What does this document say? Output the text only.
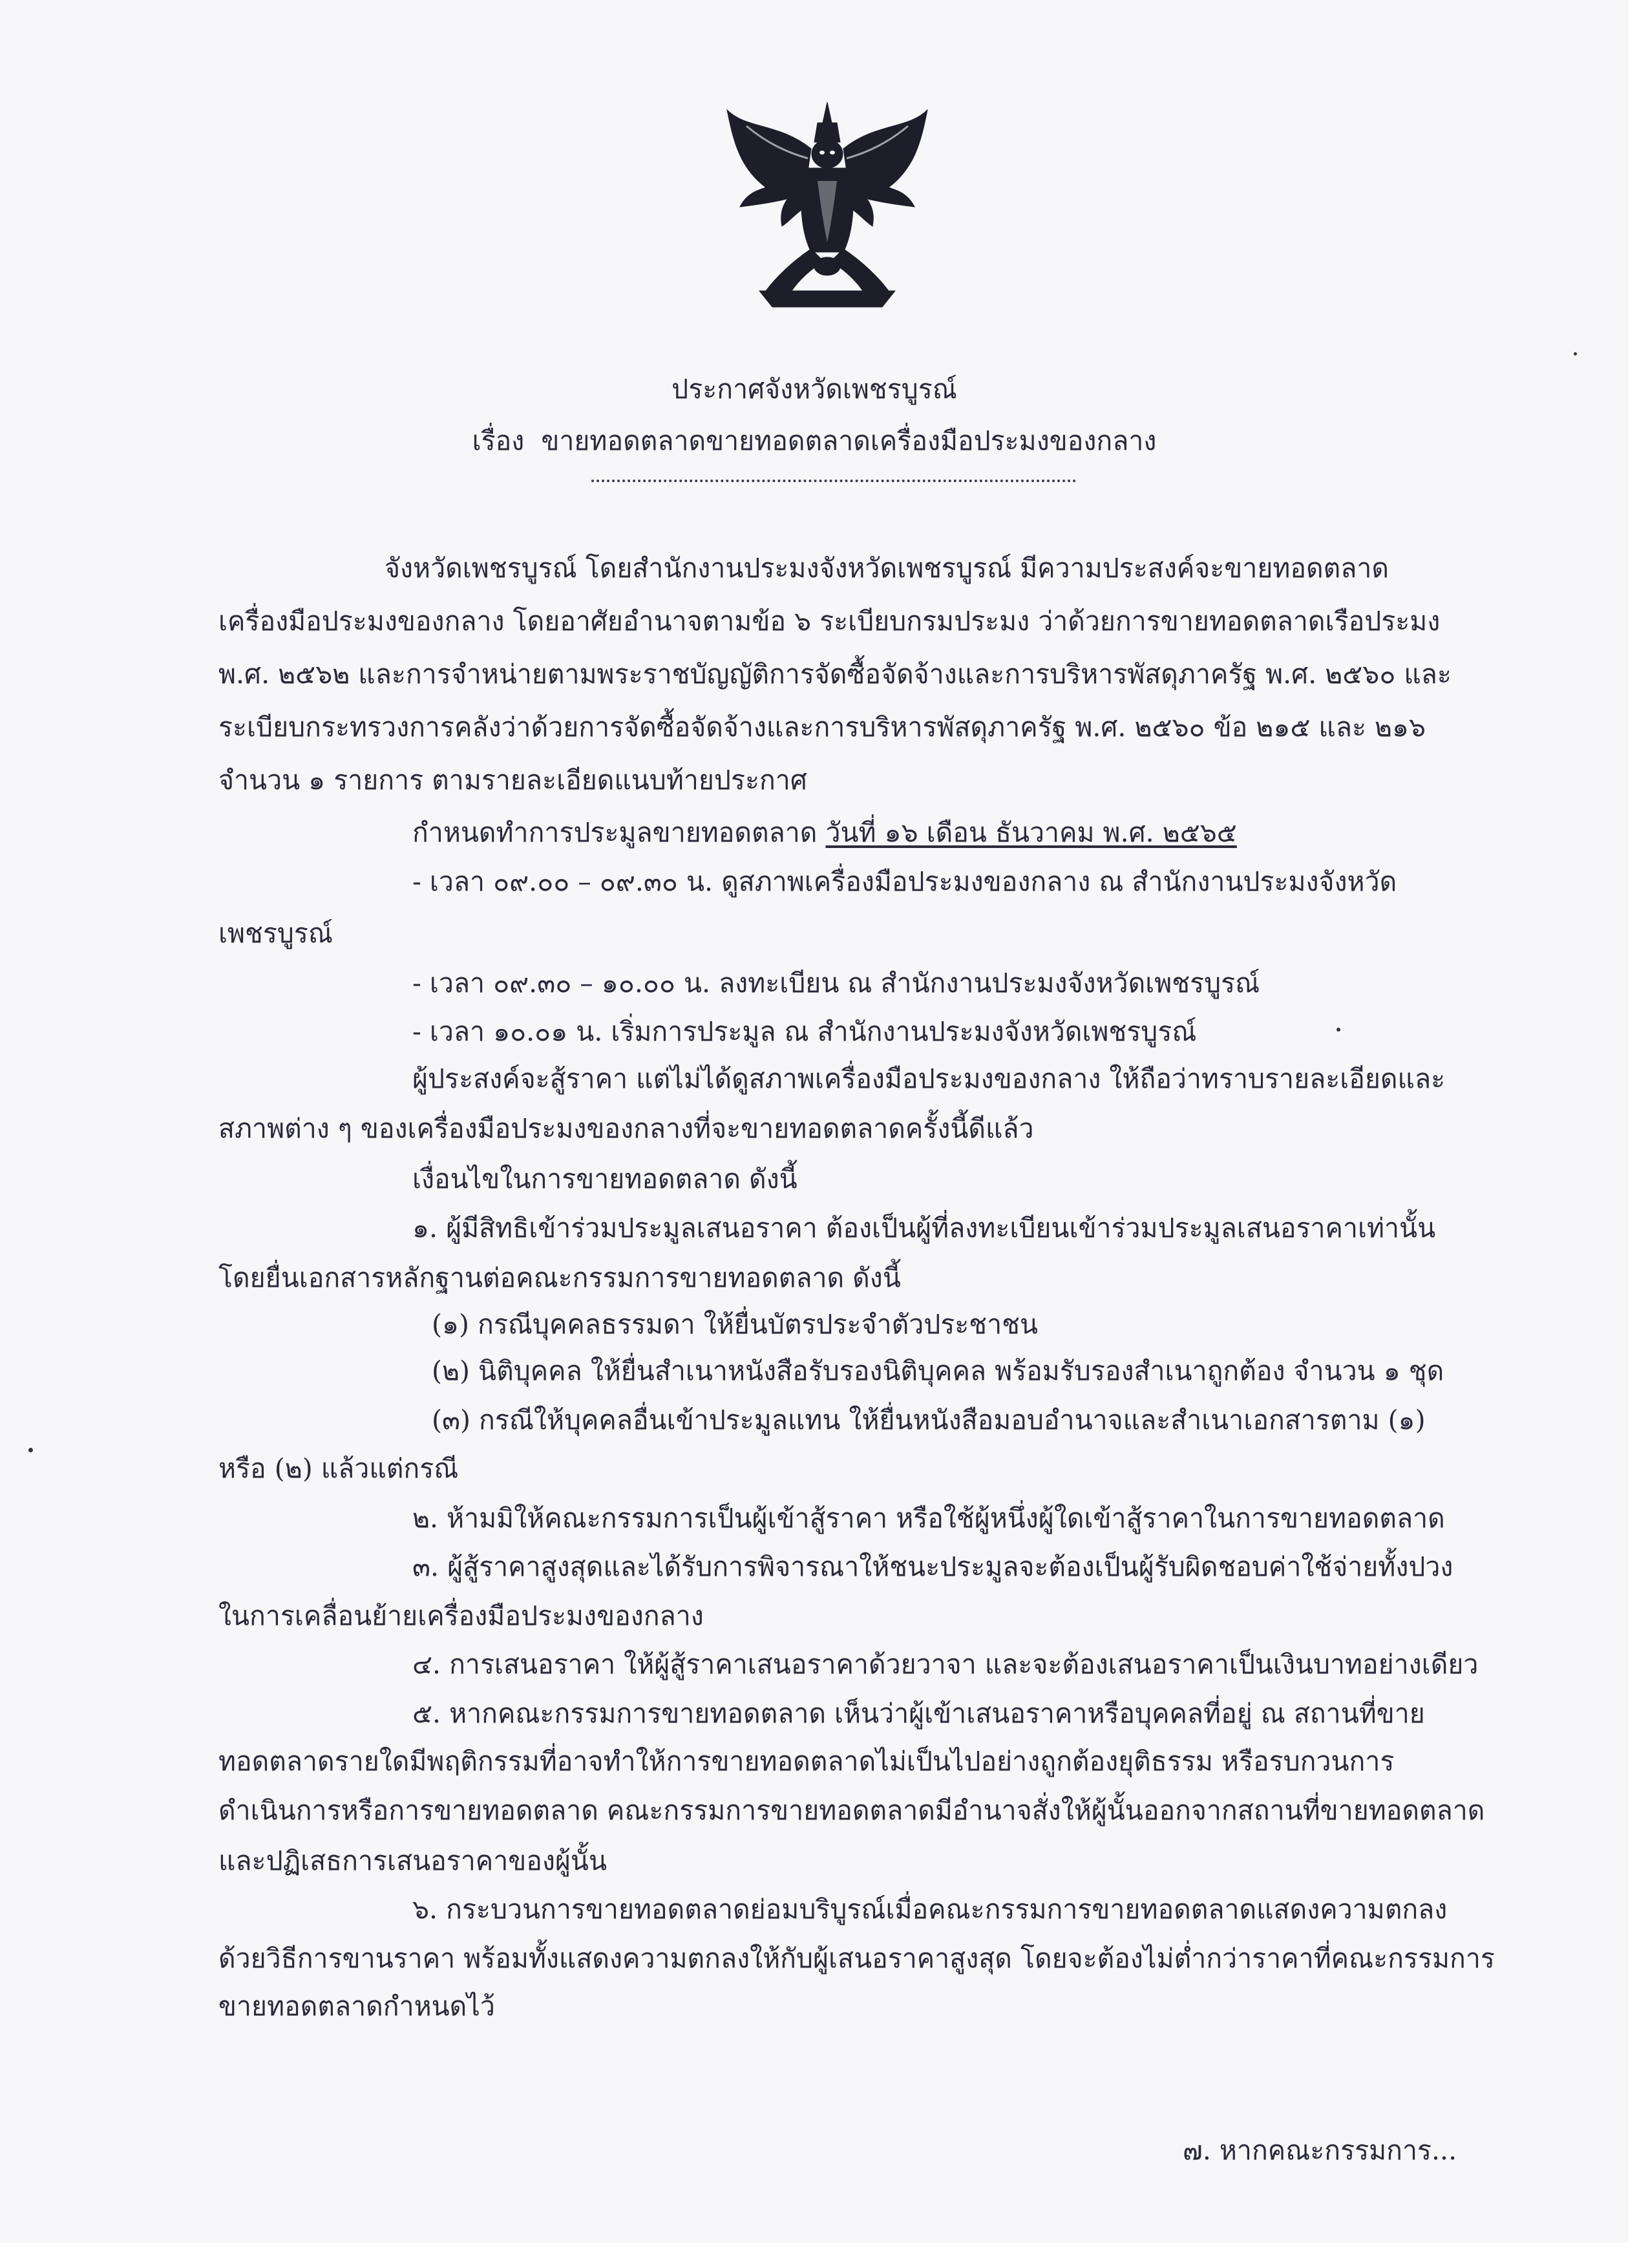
ประกาศจังหวัดเพชรบูรณ์
เรื่อง ขายทอดตลาดขายทอดตลาดเครื่องมือประมงของกลาง
จังหวัดเพชรบูรณ์ โดยสำนักงานประมงจังหวัดเพชรบูรณ์ มีความประสงค์จะขายทอดตลาด
เครื่องมือประมงของกลาง โดยอาศัยอำนาจตามข้อ ๖ ระเบียบกรมประมง ว่าด้วยการขายทอดตลาดเรือประมง
พ.ศ. ๒๕๖๒ และการจำหน่ายตามพระราชบัญญัติการจัดซื้อจัดจ้างและการบริหารพัสดุภาครัฐ พ.ศ. ๒๕๖๐ และ
ระเบียบกระทรวงการคลังว่าด้วยการจัดซื้อจัดจ้างและการบริหารพัสดุภาครัฐ พ.ศ. ๒๕๖๐ ข้อ ๒๑๕ และ ๒๑๖
จำนวน ๑ รายการ ตามรายละเอียดแนบท้ายประกาศ
กำหนดทำการประมูลขายทอดตลาด วันที่ ๑๖ เดือน ธันวาคม พ.ศ. ๒๕๖๕
- เวลา ๐๙.๐๐ – ๐๙.๓๐ น. ดูสภาพเครื่องมือประมงของกลาง ณ สำนักงานประมงจังหวัด
เพชรบูรณ์
- เวลา ๐๙.๓๐ – ๑๐.๐๐ น. ลงทะเบียน ณ สำนักงานประมงจังหวัดเพชรบูรณ์
- เวลา ๑๐.๐๑ น. เริ่มการประมูล ณ สำนักงานประมงจังหวัดเพชรบูรณ์
ผู้ประสงค์จะสู้ราคา แต่ไม่ได้ดูสภาพเครื่องมือประมงของกลาง ให้ถือว่าทราบรายละเอียดและ
สภาพต่าง ๆ ของเครื่องมือประมงของกลางที่จะขายทอดตลาดครั้งนี้ดีแล้ว
เงื่อนไขในการขายทอดตลาด ดังนี้
๑. ผู้มีสิทธิเข้าร่วมประมูลเสนอราคา ต้องเป็นผู้ที่ลงทะเบียนเข้าร่วมประมูลเสนอราคาเท่านั้น
โดยยื่นเอกสารหลักฐานต่อคณะกรรมการขายทอดตลาด ดังนี้
(๑) กรณีบุคคลธรรมดา ให้ยื่นบัตรประจำตัวประชาชน
(๒) นิติบุคคล ให้ยื่นสำเนาหนังสือรับรองนิติบุคคล พร้อมรับรองสำเนาถูกต้อง จำนวน ๑ ชุด
(๓) กรณีให้บุคคลอื่นเข้าประมูลแทน ให้ยื่นหนังสือมอบอำนาจและสำเนาเอกสารตาม (๑)
หรือ (๒) แล้วแต่กรณี
๒. ห้ามมิให้คณะกรรมการเป็นผู้เข้าสู้ราคา หรือใช้ผู้หนึ่งผู้ใดเข้าสู้ราคาในการขายทอดตลาด
๓. ผู้สู้ราคาสูงสุดและได้รับการพิจารณาให้ชนะประมูลจะต้องเป็นผู้รับผิดชอบค่าใช้จ่ายทั้งปวง
ในการเคลื่อนย้ายเครื่องมือประมงของกลาง
๔. การเสนอราคา ให้ผู้สู้ราคาเสนอราคาด้วยวาจา และจะต้องเสนอราคาเป็นเงินบาทอย่างเดียว
๕. หากคณะกรรมการขายทอดตลาด เห็นว่าผู้เข้าเสนอราคาหรือบุคคลที่อยู่ ณ สถานที่ขาย
ทอดตลาดรายใดมีพฤติกรรมที่อาจทำให้การขายทอดตลาดไม่เป็นไปอย่างถูกต้องยุติธรรม หรือรบกวนการ
ดำเนินการหรือการขายทอดตลาด คณะกรรมการขายทอดตลาดมีอำนาจสั่งให้ผู้นั้นออกจากสถานที่ขายทอดตลาด
และปฏิเสธการเสนอราคาของผู้นั้น
๖. กระบวนการขายทอดตลาดย่อมบริบูรณ์เมื่อคณะกรรมการขายทอดตลาดแสดงความตกลง
ด้วยวิธีการขานราคา พร้อมทั้งแสดงความตกลงให้กับผู้เสนอราคาสูงสุด โดยจะต้องไม่ต่ำกว่าราคาที่คณะกรรมการ
ขายทอดตลาดกำหนดไว้
๗. หากคณะกรรมการ...
